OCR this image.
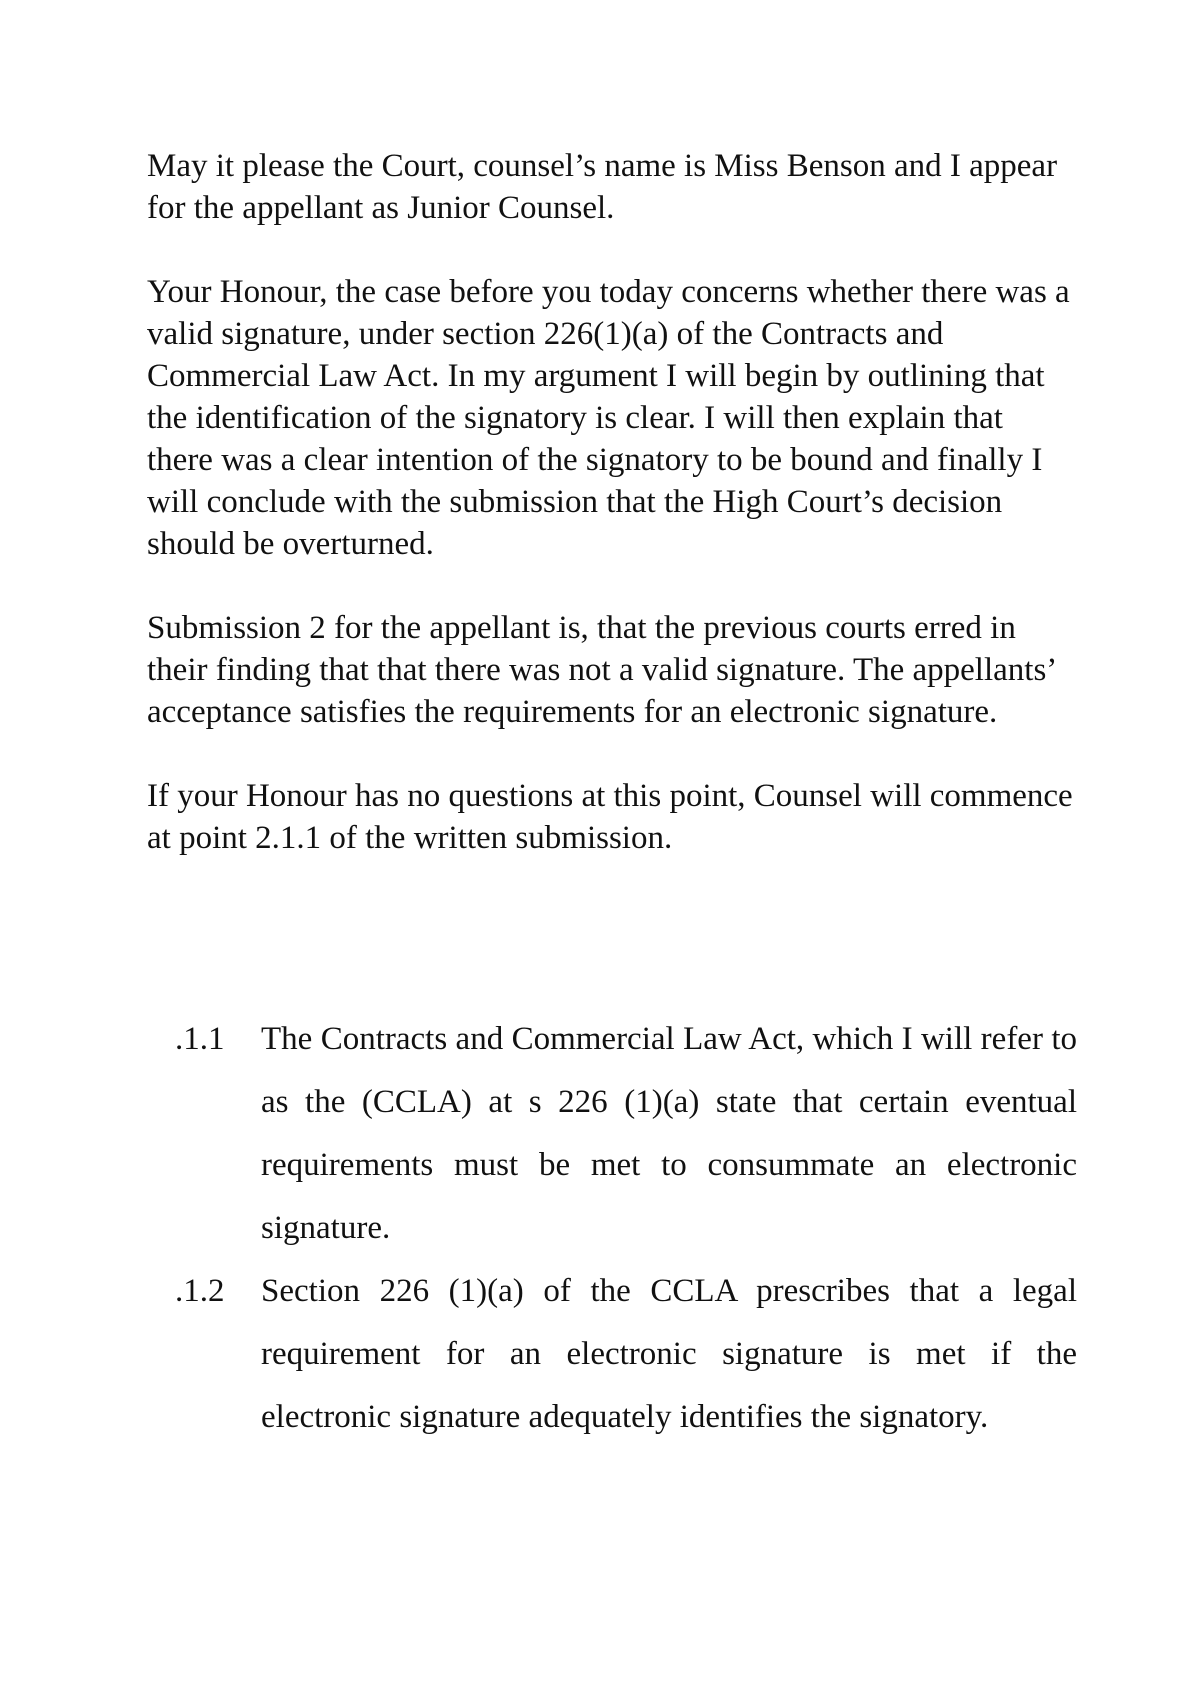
May it please the Court, counsel’s name is Miss Benson and I appear for the appellant as Junior Counsel.

Your Honour, the case before you today concerns whether there was a valid signature, under section 226(1)(a) of the Contracts and Commercial Law Act. In my argument I will begin by outlining that the identification of the signatory is clear. I will then explain that there was a clear intention of the signatory to be bound and finally I will conclude with the submission that the High Court’s decision should be overturned.

Submission 2 for the appellant is, that the previous courts erred in their finding that that there was not a valid signature. The appellants’ acceptance satisfies the requirements for an electronic signature.

If your Honour has no questions at this point, Counsel will commence at point 2.1.1 of the written submission.

.1.1	The Contracts and Commercial Law Act, which I will refer to as the (CCLA) at s 226 (1)(a) state that certain eventual requirements must be met to consummate an electronic signature.
.1.2	Section 226 (1)(a) of the CCLA prescribes that a legal requirement for an electronic signature is met if the electronic signature adequately identifies the signatory.
